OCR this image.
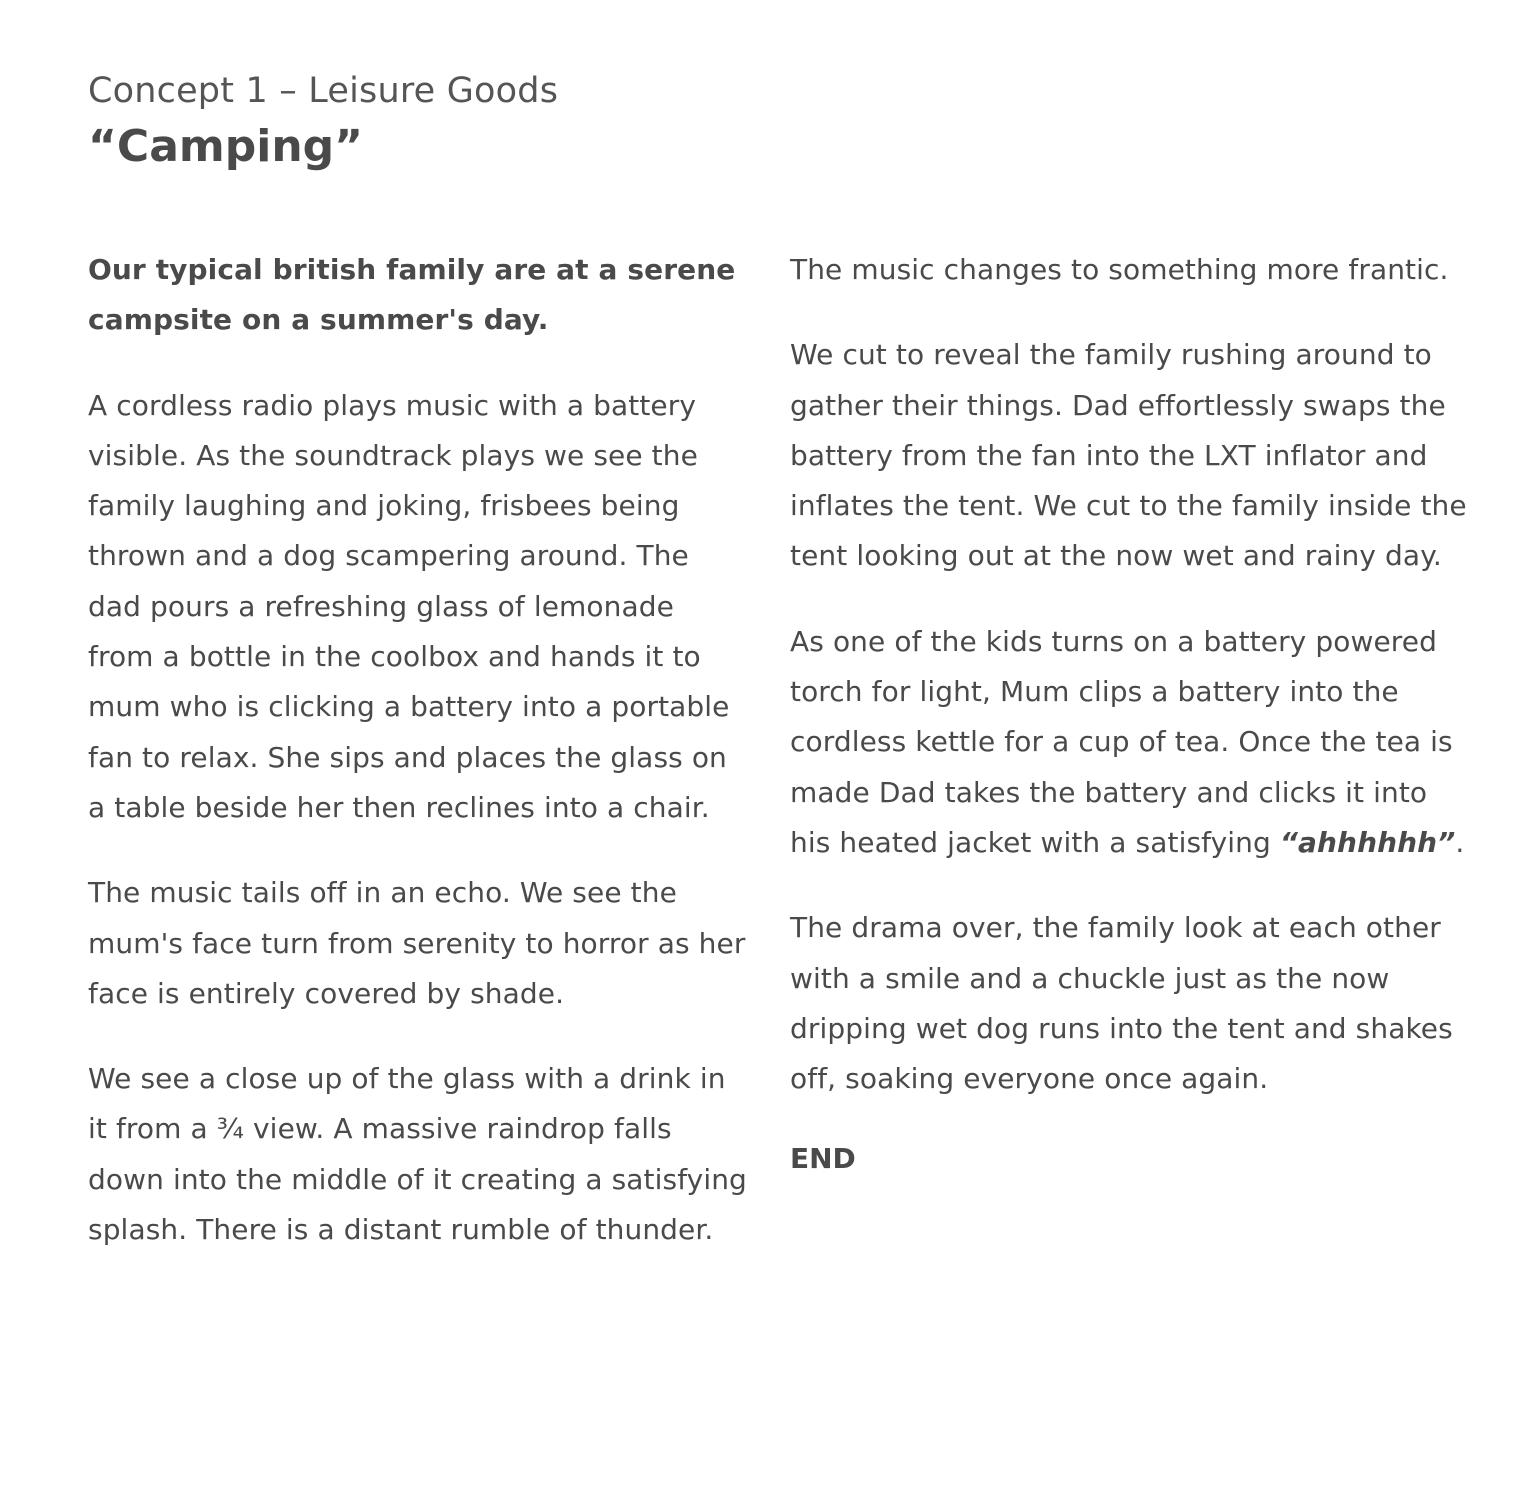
Concept 1 – Leisure Goods

“Camping”

Our typical british family are at a serene campsite on a summer's day.

A cordless radio plays music with a battery visible. As the soundtrack plays we see the family laughing and joking, frisbees being thrown and a dog scampering around. The dad pours a refreshing glass of lemonade from a bottle in the coolbox and hands it to mum who is clicking a battery into a portable fan to relax. She sips and places the glass on a table beside her then reclines into a chair.

The music tails off in an echo. We see the mum's face turn from serenity to horror as her face is entirely covered by shade.

We see a close up of the glass with a drink in it from a ¾ view. A massive raindrop falls down into the middle of it creating a satisfying splash. There is a distant rumble of thunder.

The music changes to something more frantic.

We cut to reveal the family rushing around to gather their things. Dad effortlessly swaps the battery from the fan into the LXT inflator and inflates the tent. We cut to the family inside the tent looking out at the now wet and rainy day.

As one of the kids turns on a battery powered torch for light, Mum clips a battery into the cordless kettle for a cup of tea. Once the tea is made Dad takes the battery and clicks it into his heated jacket with a satisfying “ahhhhhh”.

The drama over, the family look at each other with a smile and a chuckle just as the now dripping wet dog runs into the tent and shakes off, soaking everyone once again.

END
